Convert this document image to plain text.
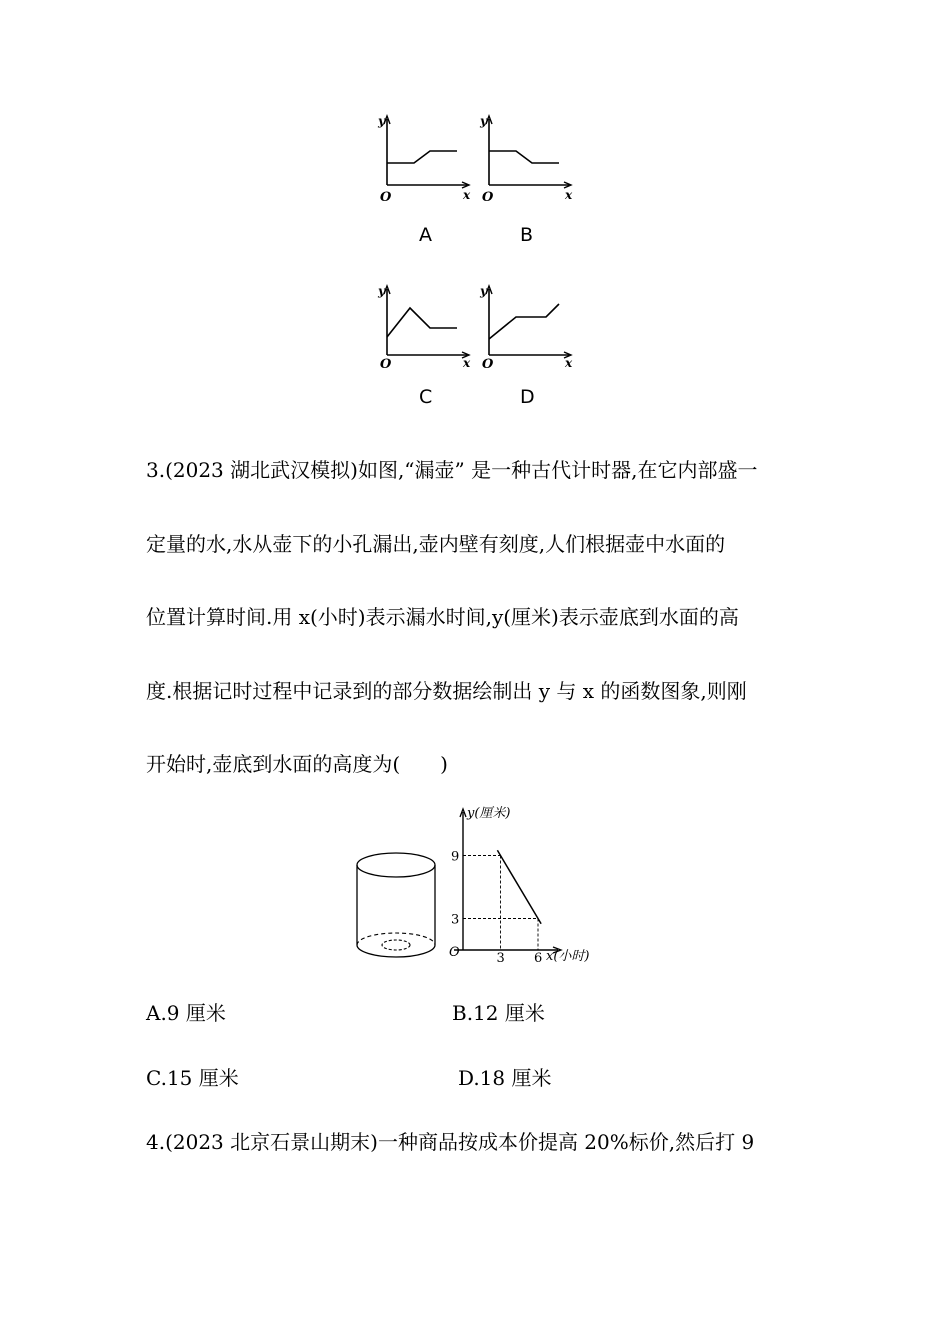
y
x
O
y
x
O
y
x
O
y
x
O
A	B
C	D
3.(2023 湖北武汉模拟)如图,“漏壶” 是一种古代计时器,在它内部盛一
定量的水,水从壶下的小孔漏出,壶内壁有刻度,人们根据壶中水面的
位置计算时间.用 x(小时)表示漏水时间,y(厘米)表示壶底到水面的高
度.根据记时过程中记录到的部分数据绘制出 y 与 x 的函数图象,则刚
开始时,壶底到水面的高度为(　　)
3 6
3
9
y(厘米)
x(小时)
O
A.9 厘米	B.12 厘米
C.15 厘米	D.18 厘米
4.(2023 北京石景山期末)一种商品按成本价提高 20%标价,然后打 9
